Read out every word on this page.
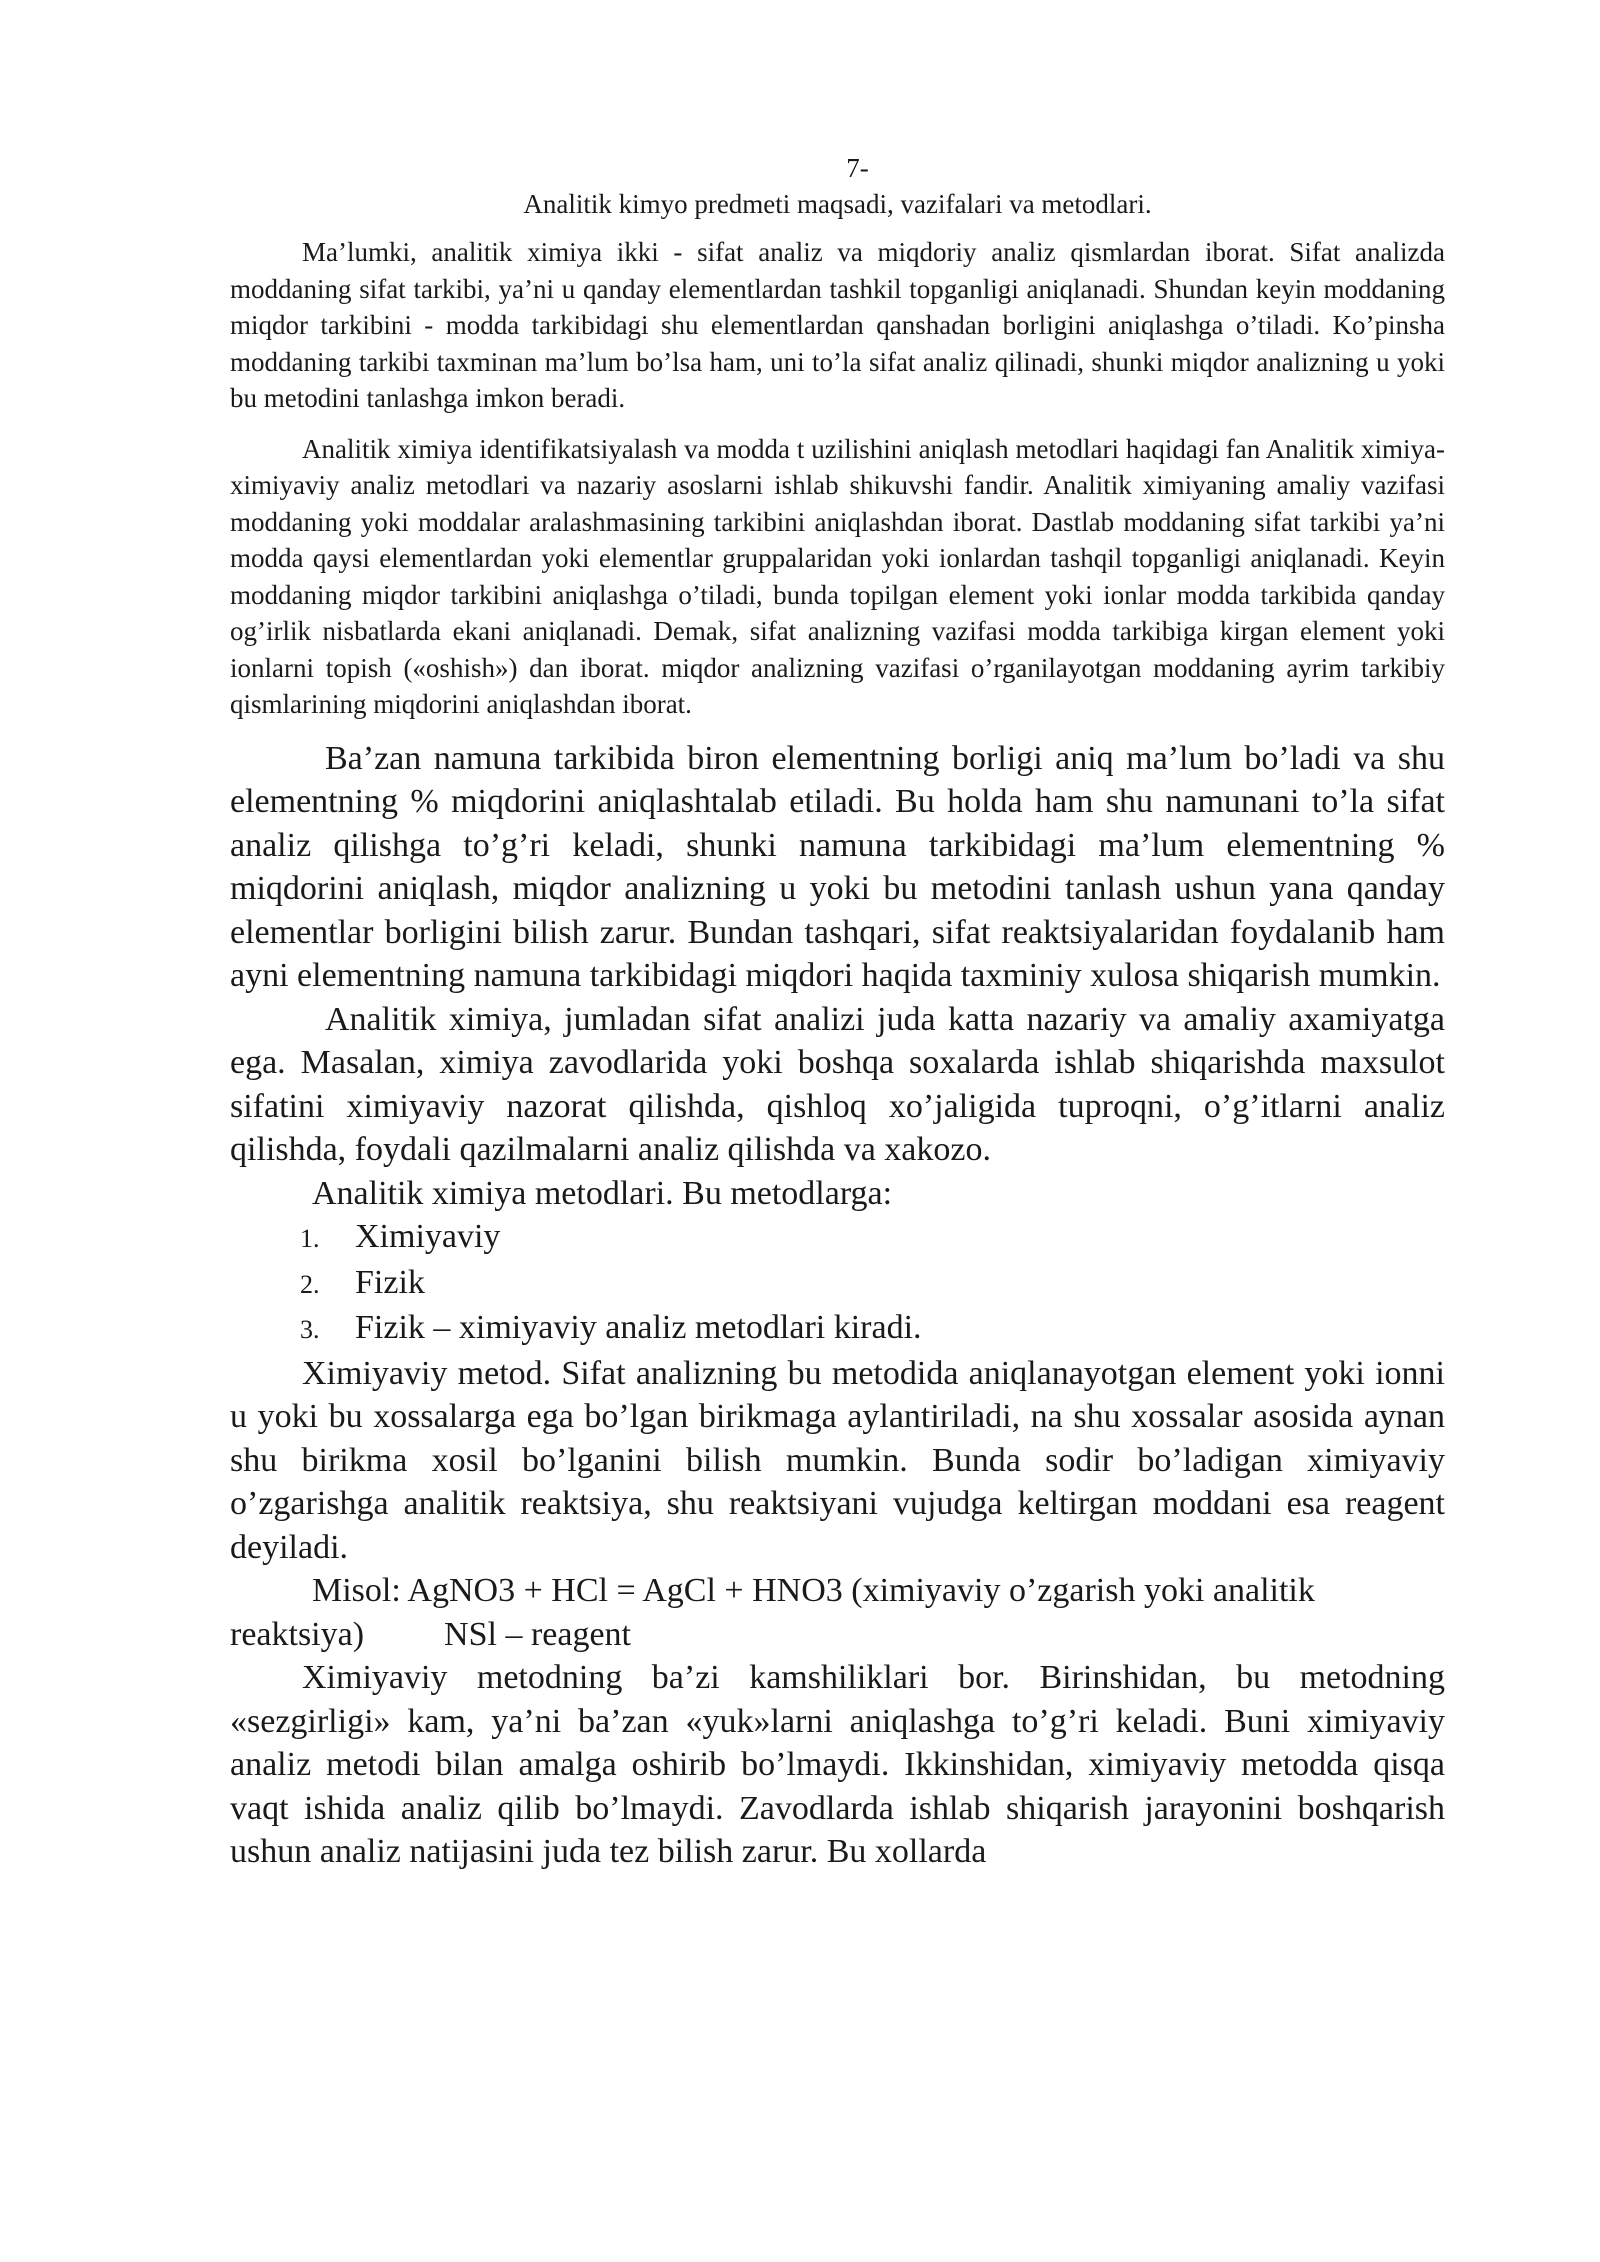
7-
Analitik kimyo predmeti maqsadi, vazifalari va metodlari.

Ma’lumki, analitik ximiya ikki - sifat analiz va miqdoriy analiz qismlardan iborat. Sifat analizda moddaning sifat tarkibi, ya’ni u qanday elementlardan tashkil topganligi aniqlanadi. Shundan keyin moddaning miqdor tarkibini - modda tarkibidagi shu elementlardan qanshadan borligini aniqlashga o’tiladi. Ko’pinsha moddaning tarkibi taxminan ma’lum bo’lsa ham, uni to’la sifat analiz qilinadi, shunki miqdor analizning u yoki bu metodini tanlashga imkon beradi.

Analitik ximiya identifikatsiyalash va modda t uzilishini aniqlash metodlari haqidagi fan Analitik ximiya- ximiyaviy analiz metodlari va nazariy asoslarni ishlab shikuvshi fandir. Analitik ximiyaning amaliy vazifasi moddaning yoki moddalar aralashmasining tarkibini aniqlashdan iborat. Dastlab moddaning sifat tarkibi ya’ni modda qaysi elementlardan yoki elementlar gruppalaridan yoki ionlardan tashqil topganligi aniqlanadi. Keyin moddaning miqdor tarkibini aniqlashga o’tiladi, bunda topilgan element yoki ionlar modda tarkibida qanday og’irlik nisbatlarda ekani aniqlanadi. Demak, sifat analizning vazifasi modda tarkibiga kirgan element yoki ionlarni topish («oshish») dan iborat. miqdor analizning vazifasi o’rganilayotgan moddaning ayrim tarkibiy qismlarining miqdorini aniqlashdan iborat.

Ba’zan namuna tarkibida biron elementning borligi aniq ma’lum bo’ladi va shu elementning % miqdorini aniqlashtalab etiladi. Bu holda ham shu namunani to’la sifat analiz qilishga to’g’ri keladi, shunki namuna tarkibidagi ma’lum elementning % miqdorini aniqlash, miqdor analizning u yoki bu metodini tanlash ushun yana qanday elementlar borligini bilish zarur. Bundan tashqari, sifat reaktsiyalaridan foydalanib ham ayni elementning namuna tarkibidagi miqdori haqida taxminiy xulosa shiqarish mumkin.

Analitik ximiya, jumladan sifat analizi juda katta nazariy va amaliy axamiyatga ega. Masalan, ximiya zavodlarida yoki boshqa soxalarda ishlab shiqarishda maxsulot sifatini ximiyaviy nazorat qilishda, qishloq xo’jaligida tuproqni, o’g’itlarni analiz qilishda, foydali qazilmalarni analiz qilishda va xakozo.

Analitik ximiya metodlari. Bu metodlarga:

1.	Ximiyaviy
2.	Fizik
3.	Fizik – ximiyaviy analiz metodlari kiradi.

Ximiyaviy metod. Sifat analizning bu metodida aniqlanayotgan element yoki ionni u yoki bu xossalarga ega bo’lgan birikmaga aylantiriladi, na shu xossalar asosida aynan shu birikma xosil bo’lganini bilish mumkin. Bunda sodir bo’ladigan ximiyaviy o’zgarishga analitik reaktsiya, shu reaktsiyani vujudga keltirgan moddani esa reagent deyiladi.

Misol: AgNO3 + HCl = AgCl + HNO3 (ximiyaviy o’zgarish yoki analitik

reaktsiya) NSl – reagent

Ximiyaviy metodning ba’zi kamshiliklari bor. Birinshidan, bu metodning «sezgirligi» kam, ya’ni ba’zan «yuk»larni aniqlashga to’g’ri keladi. Buni ximiyaviy analiz metodi bilan amalga oshirib bo’lmaydi. Ikkinshidan, ximiyaviy metodda qisqa vaqt ishida analiz qilib bo’lmaydi. Zavodlarda ishlab shiqarish jarayonini boshqarish ushun analiz natijasini juda tez bilish zarur. Bu xollarda
